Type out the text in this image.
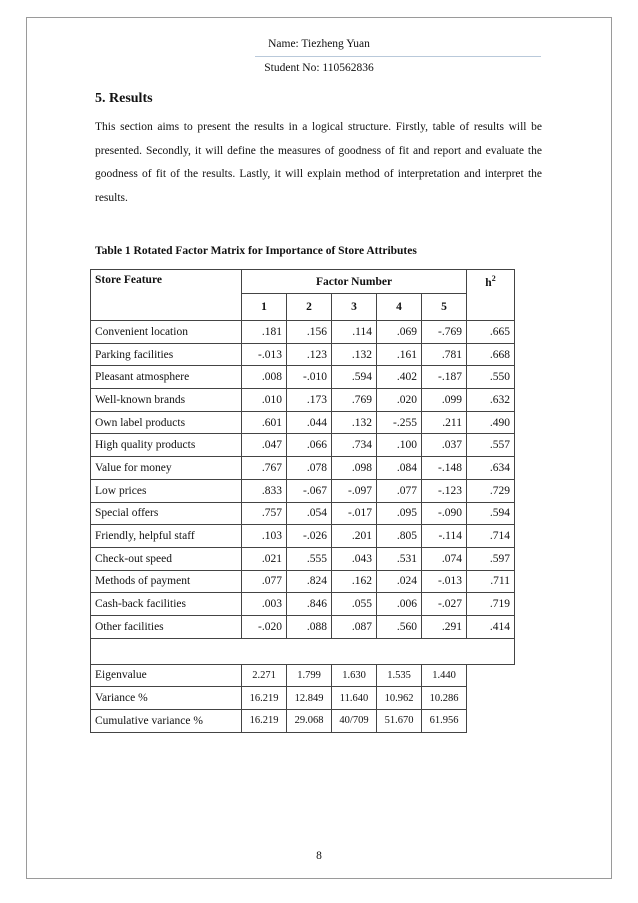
Name: Tiezheng Yuan
Student No: 110562836
5. Results

This section aims to present the results in a logical structure. Firstly, table of results will be presented. Secondly, it will define the measures of goodness of fit and report and evaluate the goodness of fit of the results. Lastly, it will explain method of interpretation and interpret the results.

Table 1 Rotated Factor Matrix for Importance of Store Attributes

Store Feature	Factor Number					$h^2$
	1	2	3	4	5	
Convenient location	.181	.156	.114	.069	-.769	.665
Parking facilities	-.013	.123	.132	.161	.781	.668
Pleasant atmosphere	.008	-.010	.594	.402	-.187	.550
Well-known brands	.010	.173	.769	.020	.099	.632
Own label products	.601	.044	.132	-.255	.211	.490
High quality products	.047	.066	.734	.100	.037	.557
Value for money	.767	.078	.098	.084	-.148	.634
Low prices	.833	-.067	-.097	.077	-.123	.729
Special offers	.757	.054	-.017	.095	-.090	.594
Friendly, helpful staff	.103	-.026	.201	.805	-.114	.714
Check-out speed	.021	.555	.043	.531	.074	.597
Methods of payment	.077	.824	.162	.024	-.013	.711
Cash-back facilities	.003	.846	.055	.006	-.027	.719
Other facilities	-.020	.088	.087	.560	.291	.414

Eigenvalue	2.271	1.799	1.630	1.535	1.440	
Variance %	16.219	12.849	11.640	10.962	10.286	
Cumulative variance %	16.219	29.068	40/709	51.670	61.956	
8
